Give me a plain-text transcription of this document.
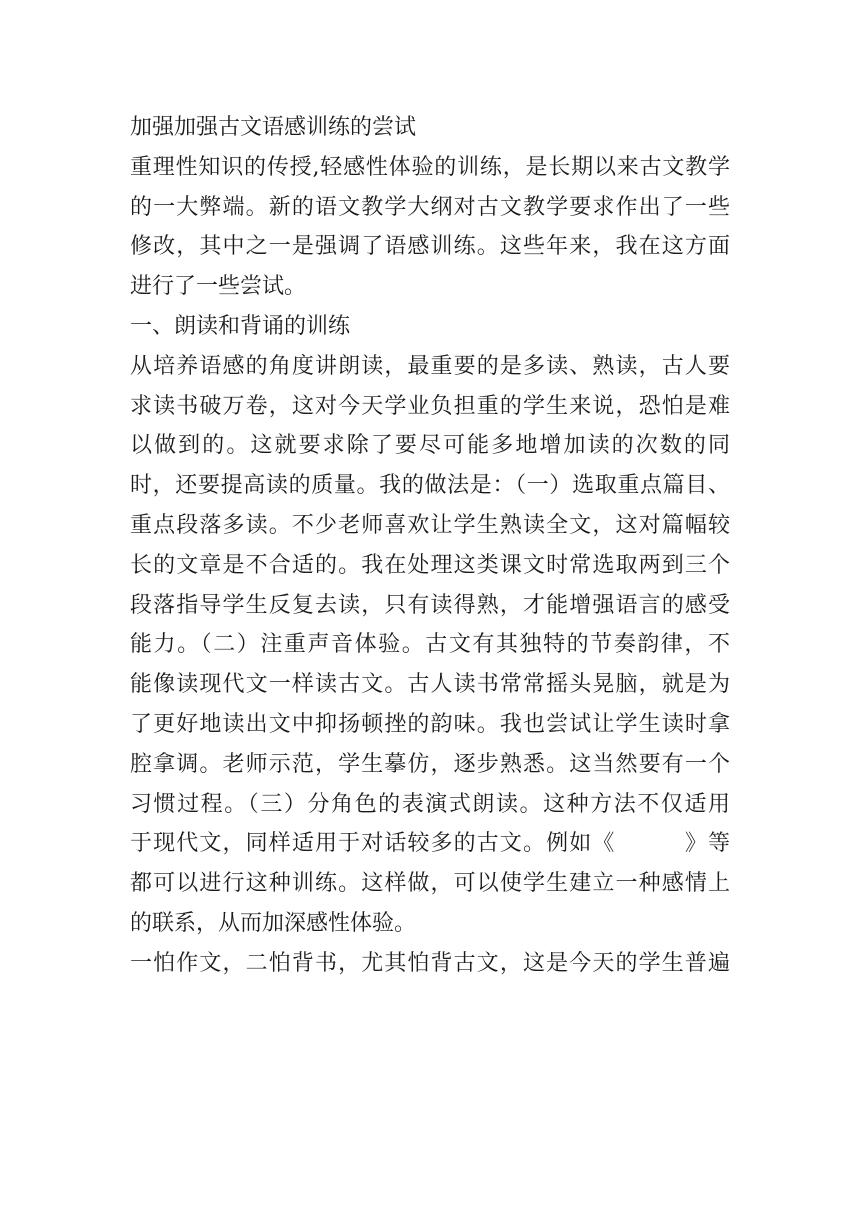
加强加强古文语感训练的尝试
重理性知识的传授,轻感性体验的训练，是长期以来古文教学
的一大弊端。新的语文教学大纲对古文教学要求作出了一些
修改，其中之一是强调了语感训练。这些年来，我在这方面
进行了一些尝试。
一、朗读和背诵的训练
从培养语感的角度讲朗读，最重要的是多读、熟读，古人要
求读书破万卷，这对今天学业负担重的学生来说，恐怕是难
以做到的。这就要求除了要尽可能多地增加读的次数的同
时，还要提高读的质量。我的做法是：（一）选取重点篇目、
重点段落多读。不少老师喜欢让学生熟读全文，这对篇幅较
长的文章是不合适的。我在处理这类课文时常选取两到三个
段落指导学生反复去读，只有读得熟，才能增强语言的感受
能力。（二）注重声音体验。古文有其独特的节奏韵律，不
能像读现代文一样读古文。古人读书常常摇头晃脑，就是为
了更好地读出文中抑扬顿挫的韵味。我也尝试让学生读时拿
腔拿调。老师示范，学生摹仿，逐步熟悉。这当然要有一个
习惯过程。（三）分角色的表演式朗读。这种方法不仅适用
于现代文，同样适用于对话较多的古文。例如《　　　》等
都可以进行这种训练。这样做，可以使学生建立一种感情上
的联系，从而加深感性体验。
一怕作文，二怕背书，尤其怕背古文，这是今天的学生普遍
